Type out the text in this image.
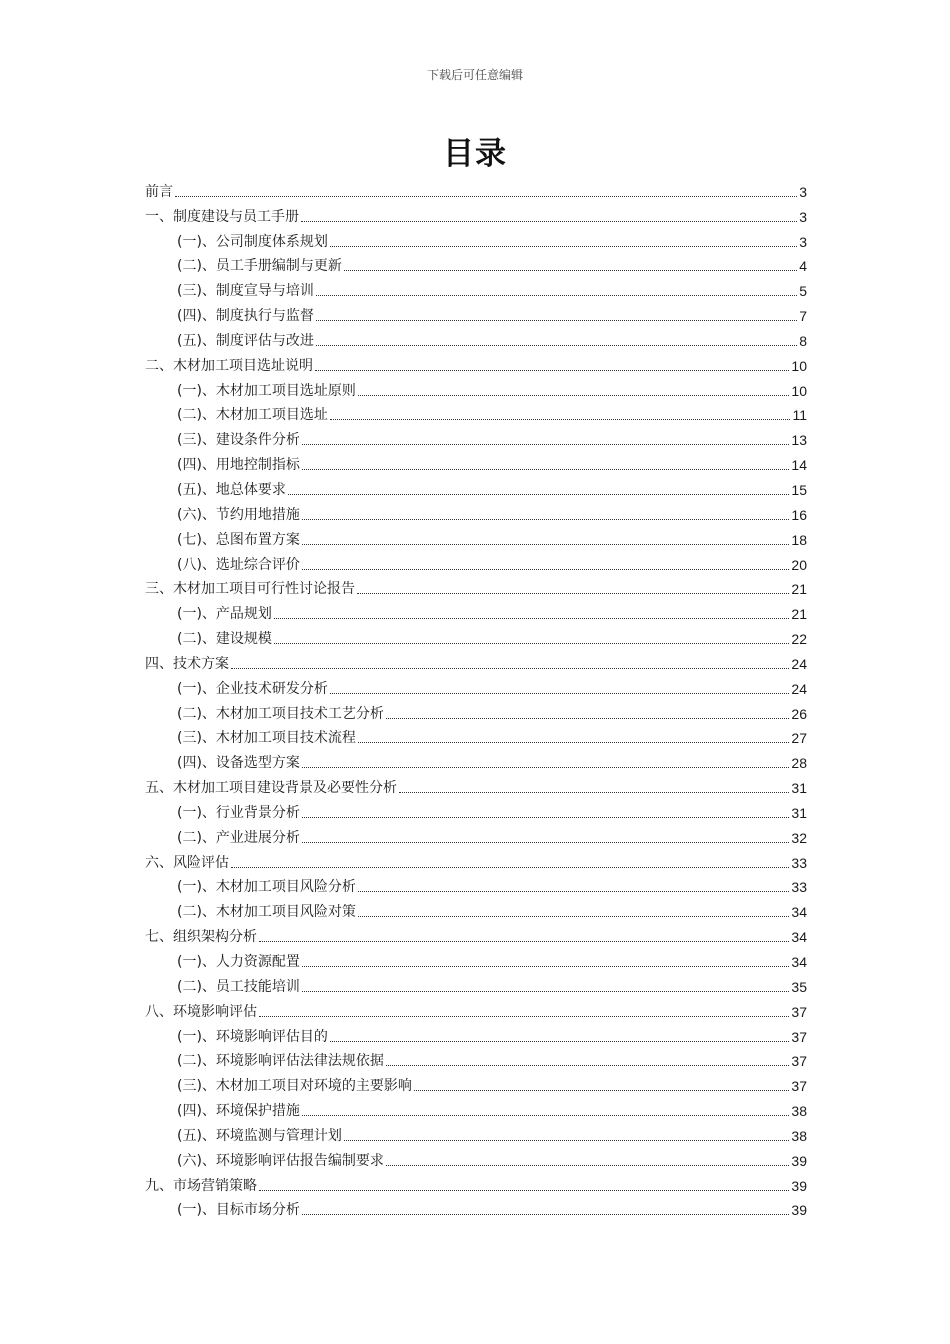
下载后可任意编辑
目录
前言	3
一、制度建设与员工手册	3
(一)、公司制度体系规划	3
(二)、员工手册编制与更新	4
(三)、制度宣导与培训	5
(四)、制度执行与监督	7
(五)、制度评估与改进	8
二、木材加工项目选址说明	10
(一)、木材加工项目选址原则	10
(二)、木材加工项目选址	11
(三)、建设条件分析	13
(四)、用地控制指标	14
(五)、地总体要求	15
(六)、节约用地措施	16
(七)、总图布置方案	18
(八)、选址综合评价	20
三、木材加工项目可行性讨论报告	21
(一)、产品规划	21
(二)、建设规模	22
四、技术方案	24
(一)、企业技术研发分析	24
(二)、木材加工项目技术工艺分析	26
(三)、木材加工项目技术流程	27
(四)、设备选型方案	28
五、木材加工项目建设背景及必要性分析	31
(一)、行业背景分析	31
(二)、产业进展分析	32
六、风险评估	33
(一)、木材加工项目风险分析	33
(二)、木材加工项目风险对策	34
七、组织架构分析	34
(一)、人力资源配置	34
(二)、员工技能培训	35
八、环境影响评估	37
(一)、环境影响评估目的	37
(二)、环境影响评估法律法规依据	37
(三)、木材加工项目对环境的主要影响	37
(四)、环境保护措施	38
(五)、环境监测与管理计划	38
(六)、环境影响评估报告编制要求	39
九、市场营销策略	39
(一)、目标市场分析	39
